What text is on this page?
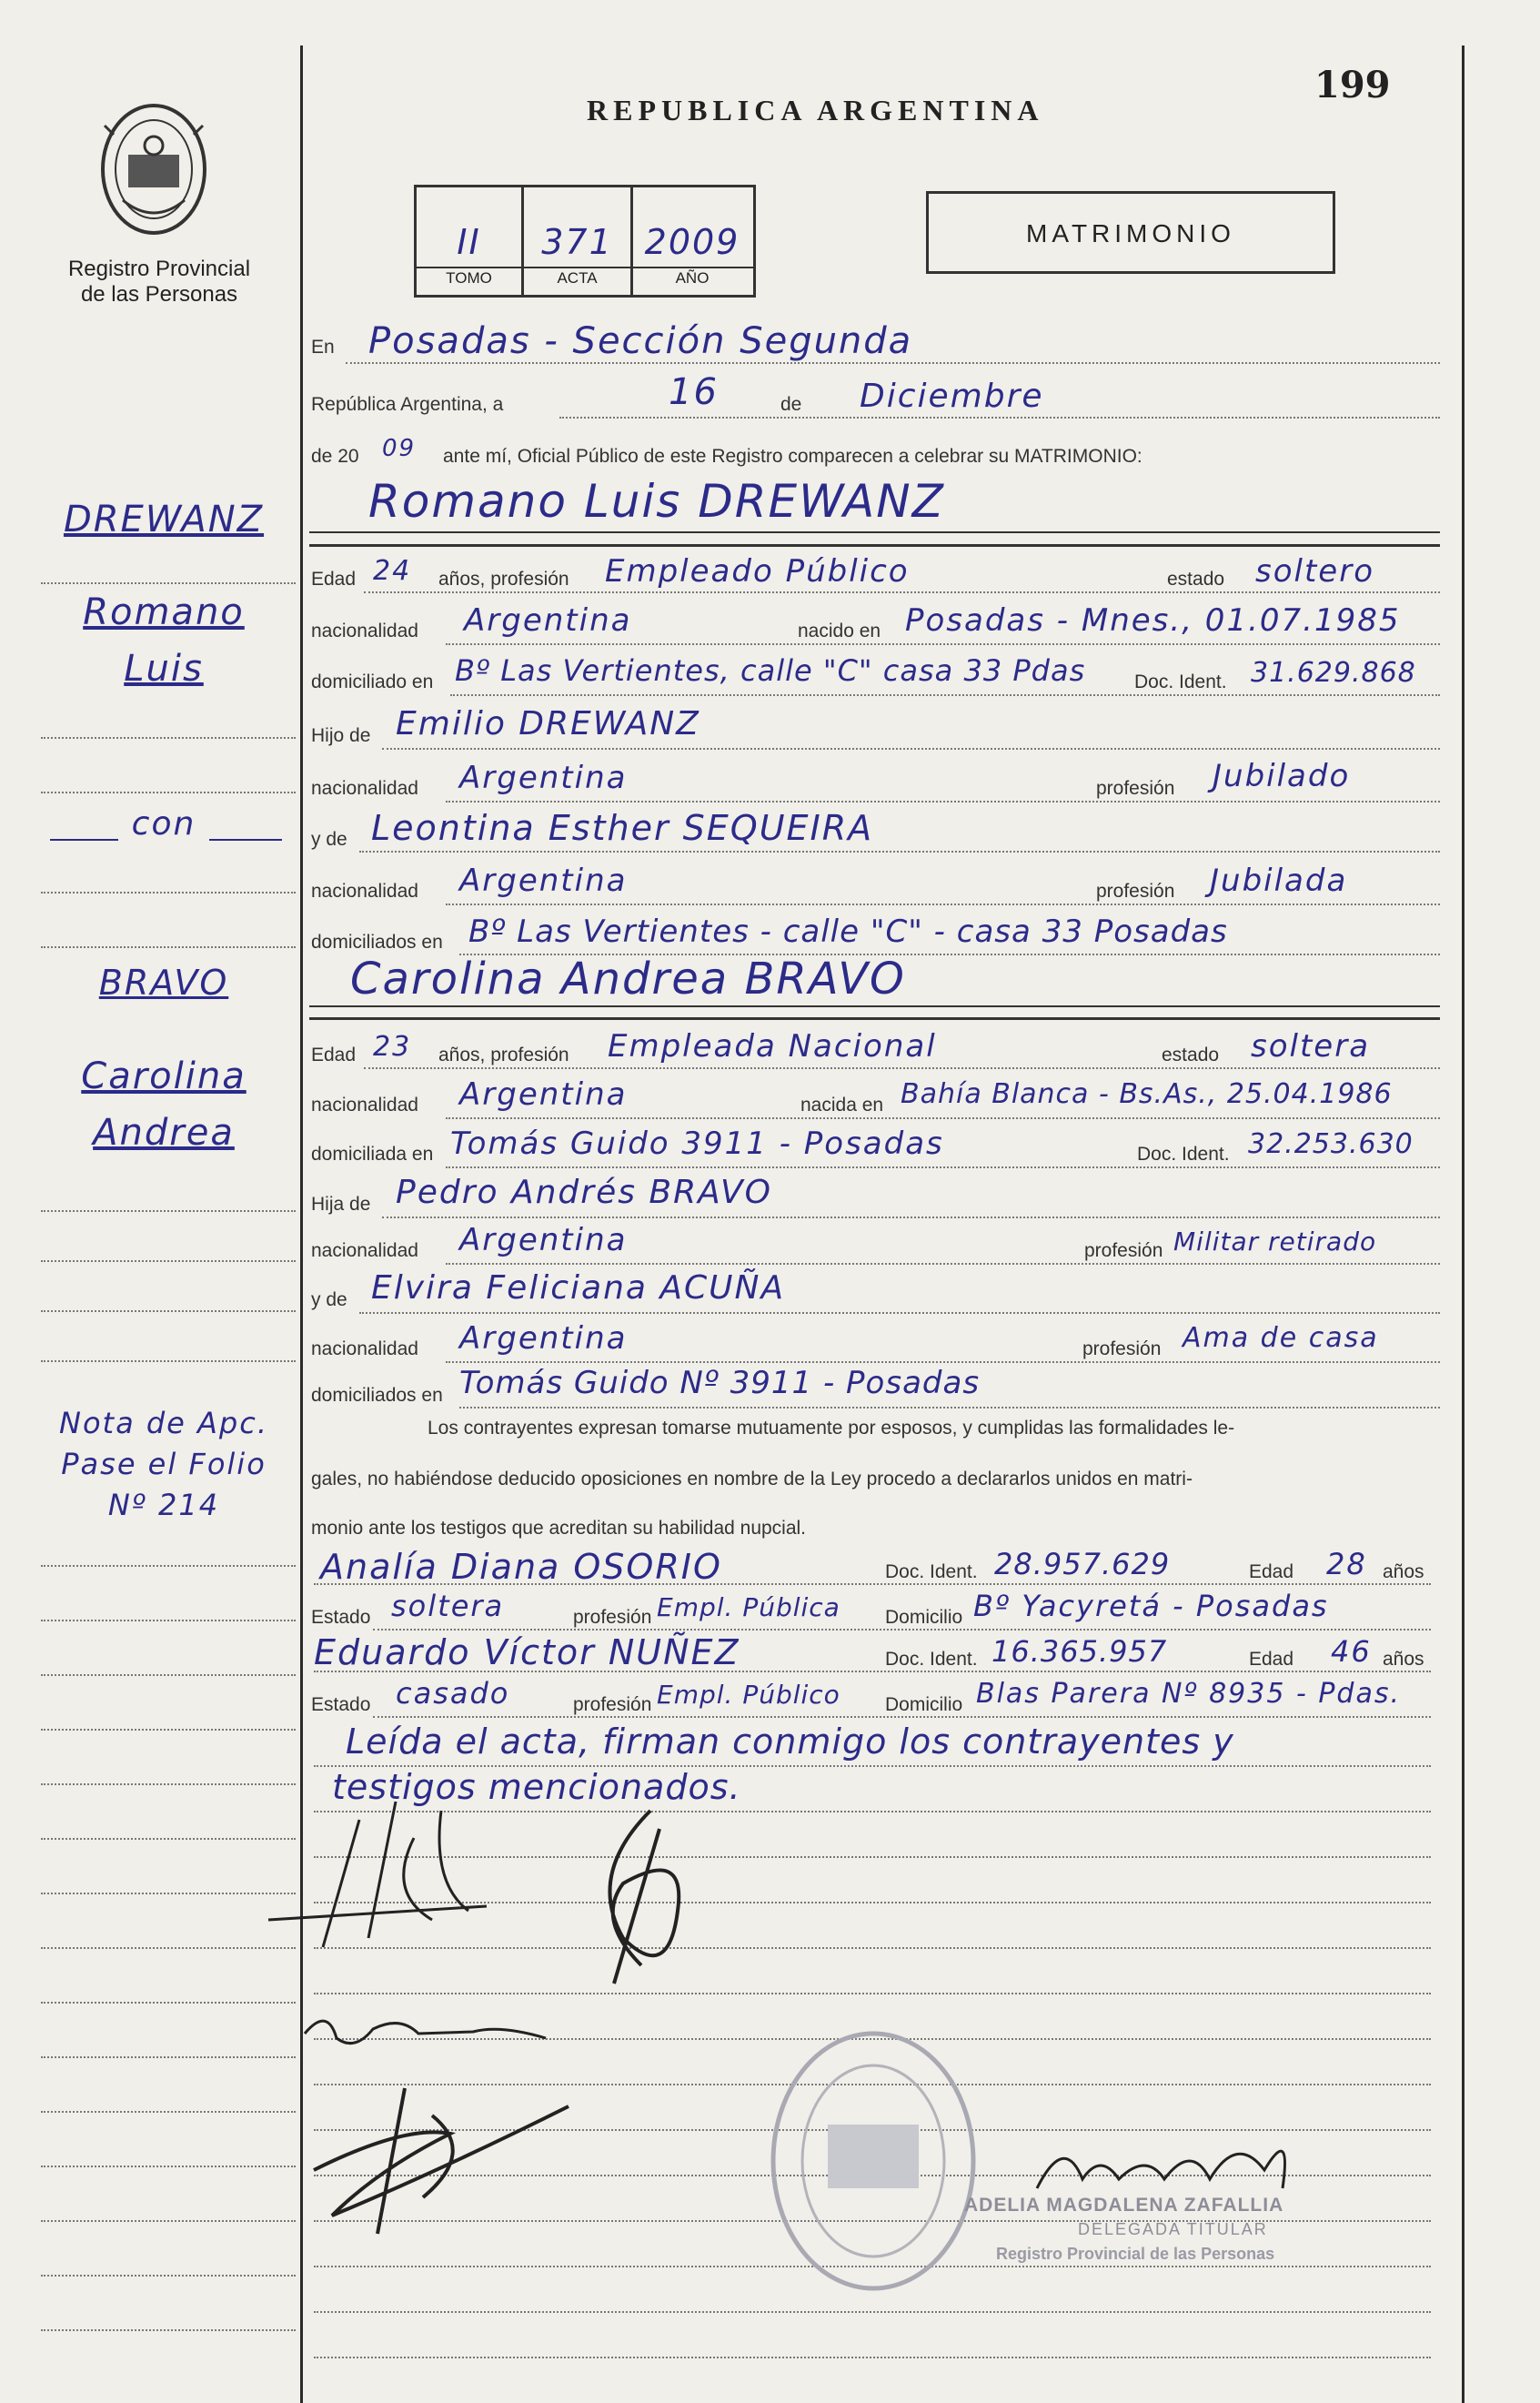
199
REPUBLICA ARGENTINA
Registro Provincial
de las Personas
II	371 2009
TOMO	ACTA	AÑO
MATRIMONIO
En Posadas - Sección Segunda
República Argentina, a	16	de Diciembre
de 20 09 ante mí, Oficial Público de este Registro comparecen a celebrar su MATRIMONIO:
Romano Luis DREWANZ
Edad 24 años, profesión Empleado Público	estado soltero
nacionalidad Argentina	nacido en Posadas - Mnes., 01.07.1985
domiciliado en Bº Las Vertientes, calle "C" casa 33 Pdas	Doc. Ident. 31.629.868
Hijo de Emilio DREWANZ
nacionalidad Argentina	profesión Jubilado
y de Leontina Esther SEQUEIRA
nacionalidad Argentina	profesión Jubilada
domiciliados en Bº Las Vertientes - calle "C" - casa 33 Posadas
Carolina Andrea BRAVO
Edad 23 años, profesión Empleada Nacional	estado soltera
nacionalidad Argentina	nacida en Bahía Blanca - Bs.As., 25.04.1986
domiciliada en Tomás Guido 3911 - Posadas	Doc. Ident. 32.253.630
Hija de Pedro Andrés BRAVO
nacionalidad Argentina	profesión Militar retirado
y de Elvira Feliciana ACUÑA
nacionalidad Argentina	profesión Ama de casa
domiciliados en Tomás Guido Nº 3911 - Posadas
Los contrayentes expresan tomarse mutuamente por esposos, y cumplidas las formalidades le-
gales, no habiéndose deducido oposiciones en nombre de la Ley procedo a declararlos unidos en matri-
monio ante los testigos que acreditan su habilidad nupcial.
Analía Diana OSORIO	Doc. Ident. 28.957.629	Edad 28 años
Estado soltera	profesión Empl. Pública Domicilio Bº Yacyretá - Posadas
Eduardo Víctor NUÑEZ	Doc. Ident. 16.365.957	Edad 46 años
Estado casado	profesión Empl. Público Domicilio Blas Parera Nº 8935 - Pdas.
Leída el acta, firman conmigo los contrayentes y
testigos mencionados.
DREWANZ
Romano
Luis
con
BRAVO
Carolina
Andrea
Nota de Apc.
Pase el Folio
Nº 214
ADELIA MAGDALENA ZAFALLIA
DELEGADA TITULAR
Registro Provincial de las Personas
